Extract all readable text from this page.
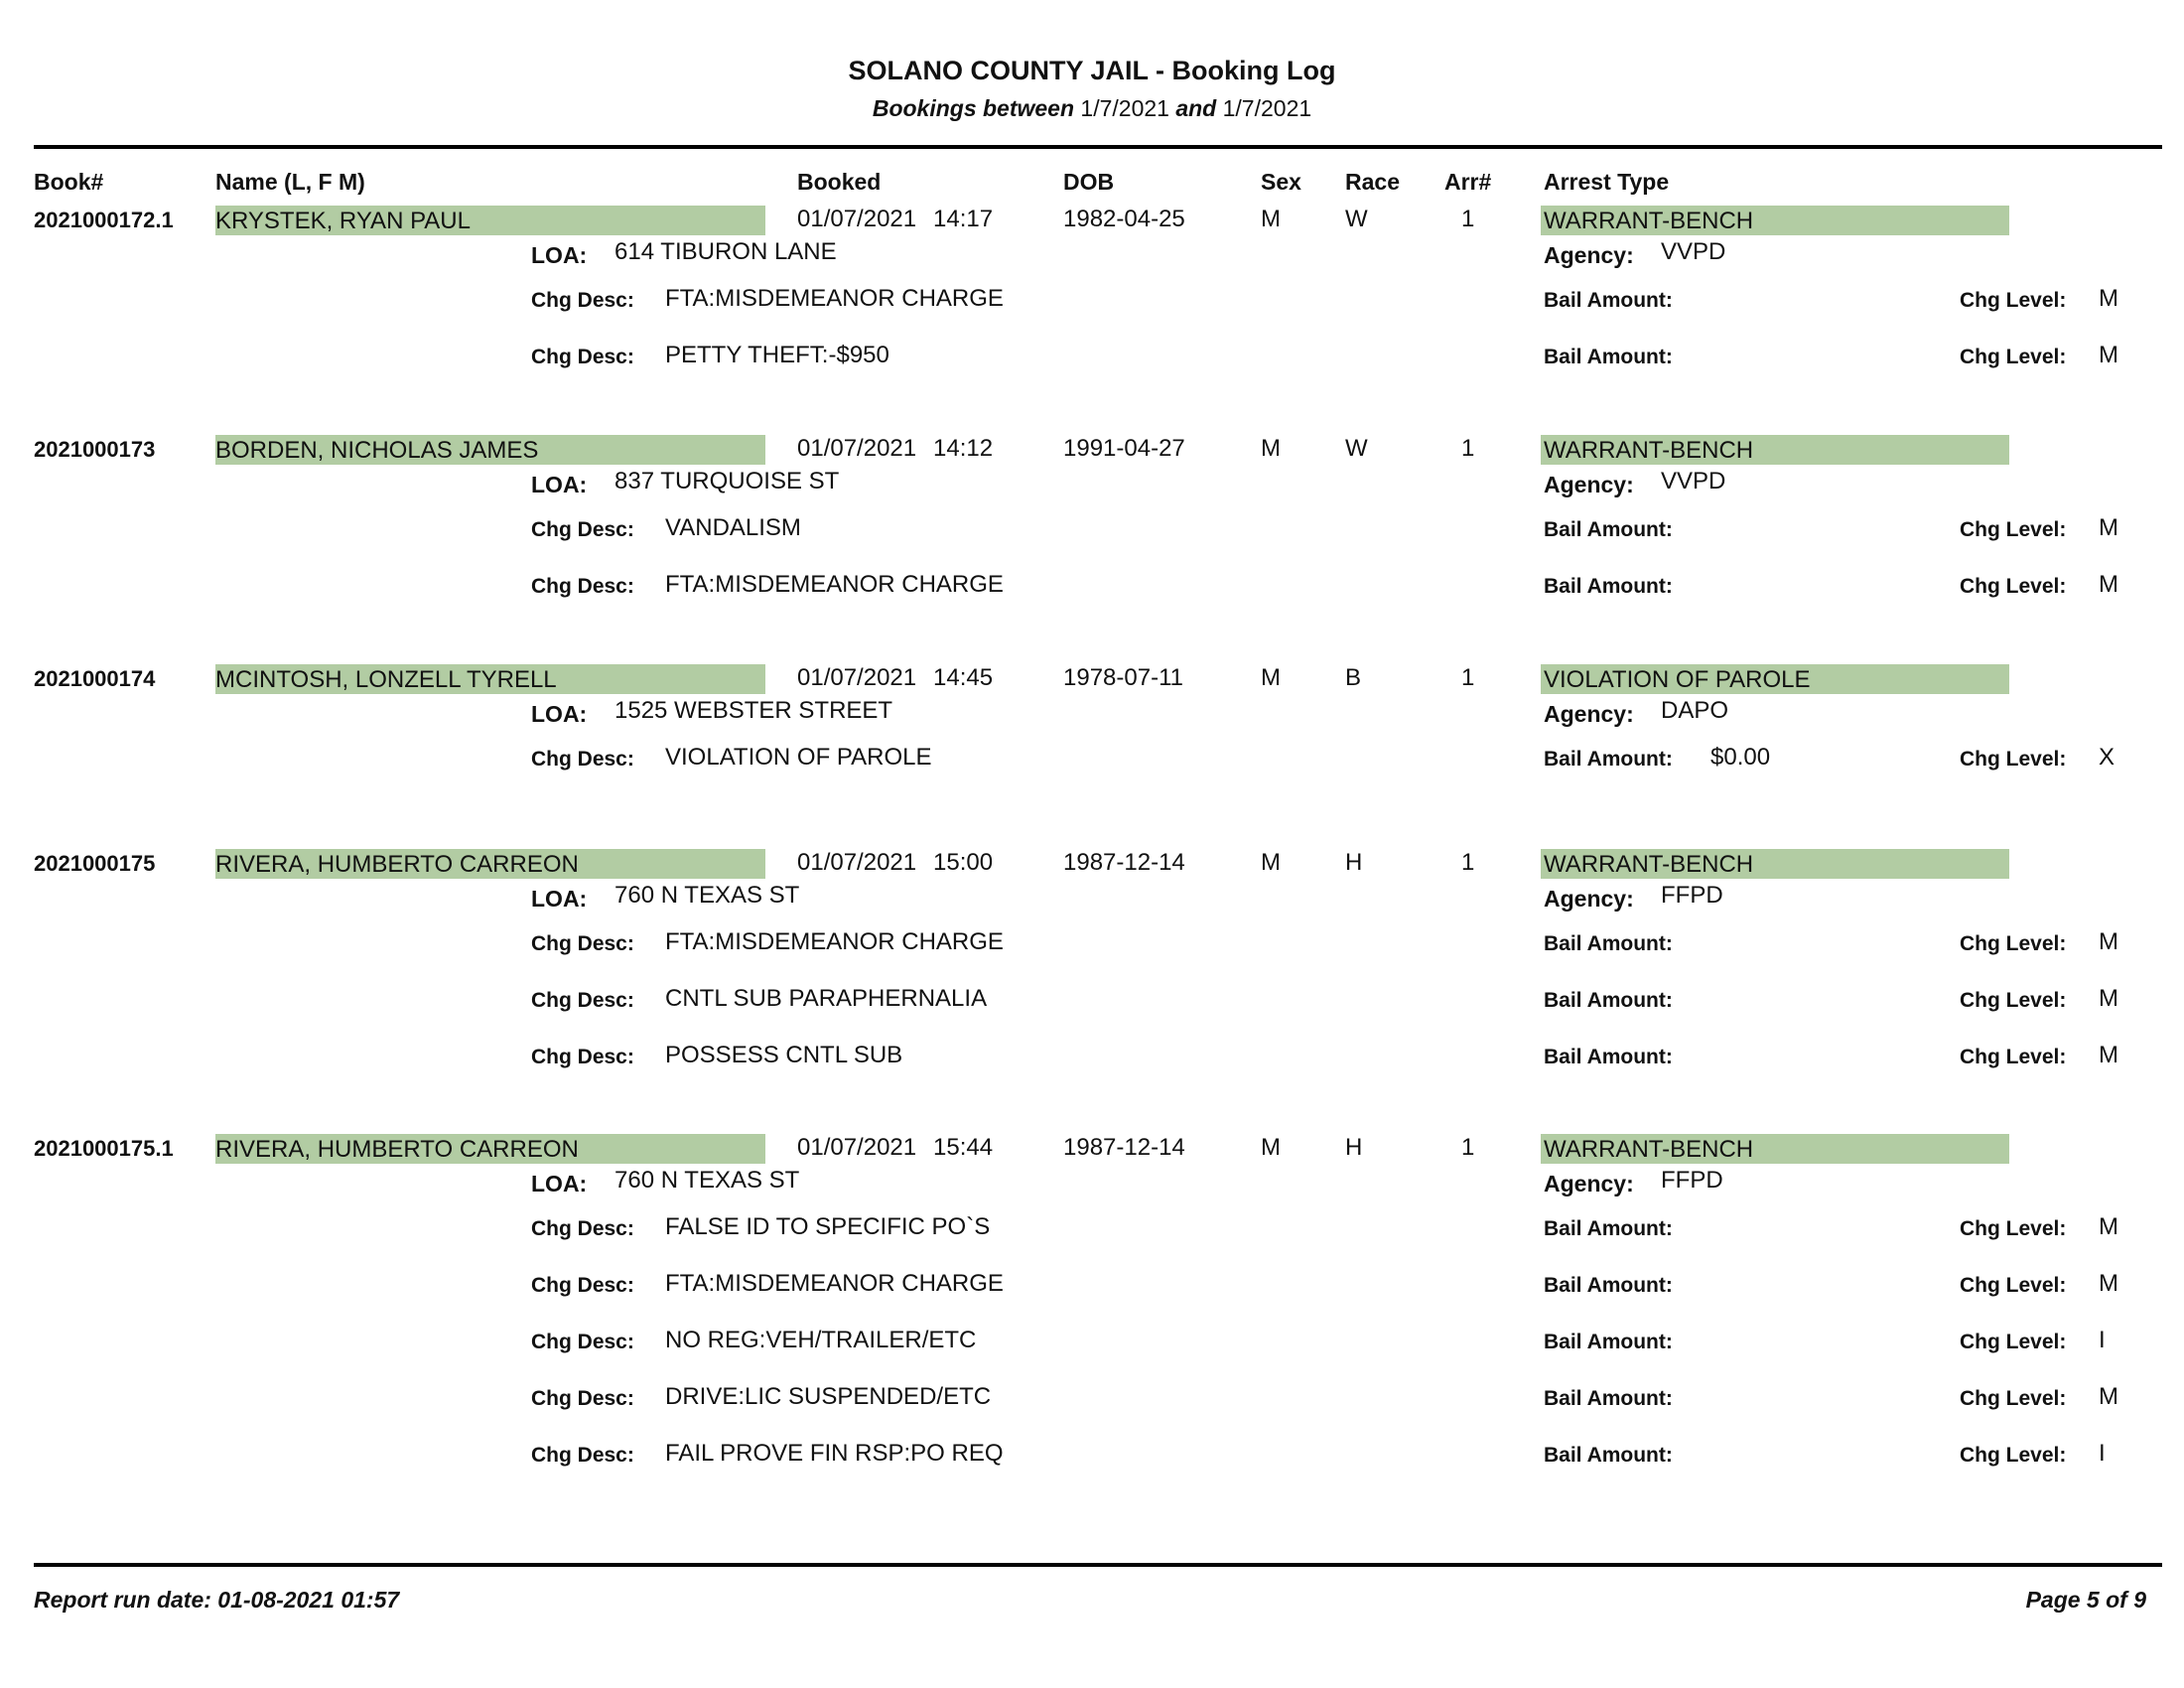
SOLANO COUNTY JAIL - Booking Log
Bookings between 1/7/2021 and 1/7/2021
Book#	Name (L, F M)	Booked	DOB	Sex Race Arr# Arrest Type
2021000172.1 KRYSTEK, RYAN PAUL	01/07/2021 14:17	1982-04-25	M	W	1	WARRANT-BENCH
LOA: 614 TIBURON LANE	Agency: VVPD
Chg Desc: FTA:MISDEMEANOR CHARGE	Bail Amount:	Chg Level: M
Chg Desc: PETTY THEFT:-$950	Bail Amount:	Chg Level: M
2021000173	BORDEN, NICHOLAS JAMES	01/07/2021 14:12	1991-04-27	M	W	1	WARRANT-BENCH
LOA: 837 TURQUOISE ST	Agency: VVPD
Chg Desc: VANDALISM	Bail Amount:	Chg Level: M
Chg Desc: FTA:MISDEMEANOR CHARGE	Bail Amount:	Chg Level: M
2021000174	MCINTOSH, LONZELL TYRELL	01/07/2021 14:45	1978-07-11	M	B	1	VIOLATION OF PAROLE
LOA: 1525 WEBSTER STREET	Agency: DAPO
Chg Desc: VIOLATION OF PAROLE	Bail Amount: $0.00	Chg Level: X
2021000175	RIVERA, HUMBERTO CARREON	01/07/2021 15:00	1987-12-14	M	H	1	WARRANT-BENCH
LOA: 760 N TEXAS ST	Agency: FFPD
Chg Desc: FTA:MISDEMEANOR CHARGE	Bail Amount:	Chg Level: M
Chg Desc: CNTL SUB PARAPHERNALIA	Bail Amount:	Chg Level: M
Chg Desc: POSSESS CNTL SUB	Bail Amount:	Chg Level: M
2021000175.1 RIVERA, HUMBERTO CARREON	01/07/2021 15:44	1987-12-14	M	H	1	WARRANT-BENCH
LOA: 760 N TEXAS ST	Agency: FFPD
Chg Desc: FALSE ID TO SPECIFIC PO`S	Bail Amount:	Chg Level: M
Chg Desc: FTA:MISDEMEANOR CHARGE	Bail Amount:	Chg Level: M
Chg Desc: NO REG:VEH/TRAILER/ETC	Bail Amount:	Chg Level: I
Chg Desc: DRIVE:LIC SUSPENDED/ETC	Bail Amount:	Chg Level: M
Chg Desc: FAIL PROVE FIN RSP:PO REQ	Bail Amount:	Chg Level: I
Report run date: 01-08-2021 01:57	Page 5 of 9
